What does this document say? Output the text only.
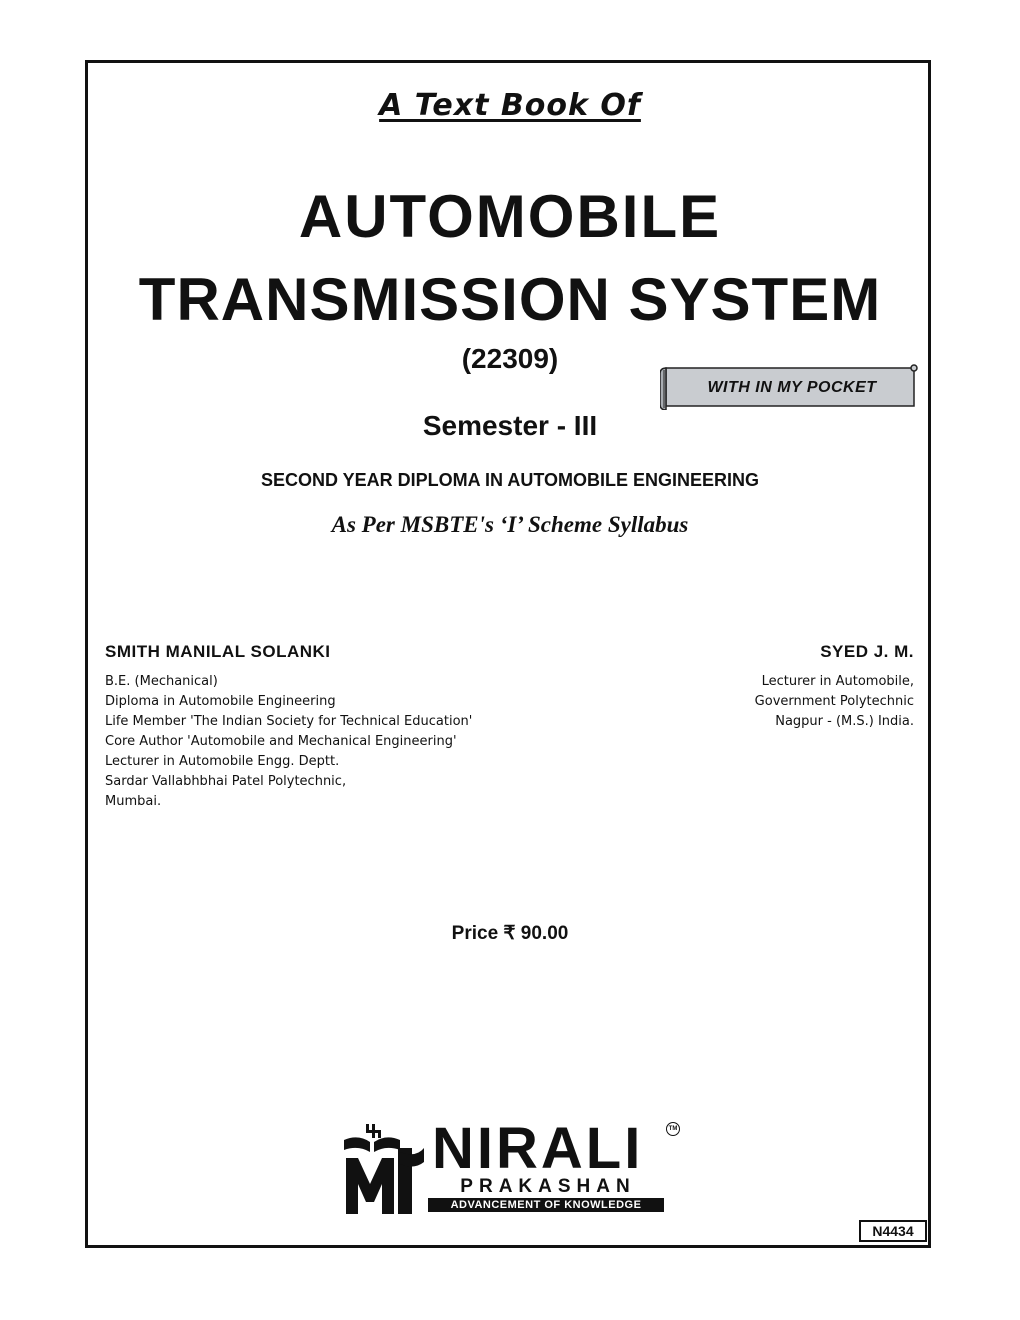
A Text Book Of
AUTOMOBILE
TRANSMISSION SYSTEM
(22309)
WITH IN MY POCKET
Semester - III
SECOND YEAR DIPLOMA IN AUTOMOBILE ENGINEERING
As Per MSBTE's ‘I’ Scheme Syllabus
SMITH MANILAL SOLANKI
B.E. (Mechanical)
Diploma in Automobile Engineering
Life Member 'The Indian Society for Technical Education'
Core Author 'Automobile and Mechanical Engineering'
Lecturer in Automobile Engg. Deptt.
Sardar Vallabhbhai Patel Polytechnic,
Mumbai.
SYED J. M.
Lecturer in Automobile,
Government Polytechnic
Nagpur - (M.S.) India.
Price ₹ 90.00
NIRALI	TM
PRAKASHAN
ADVANCEMENT OF KNOWLEDGE
N4434
